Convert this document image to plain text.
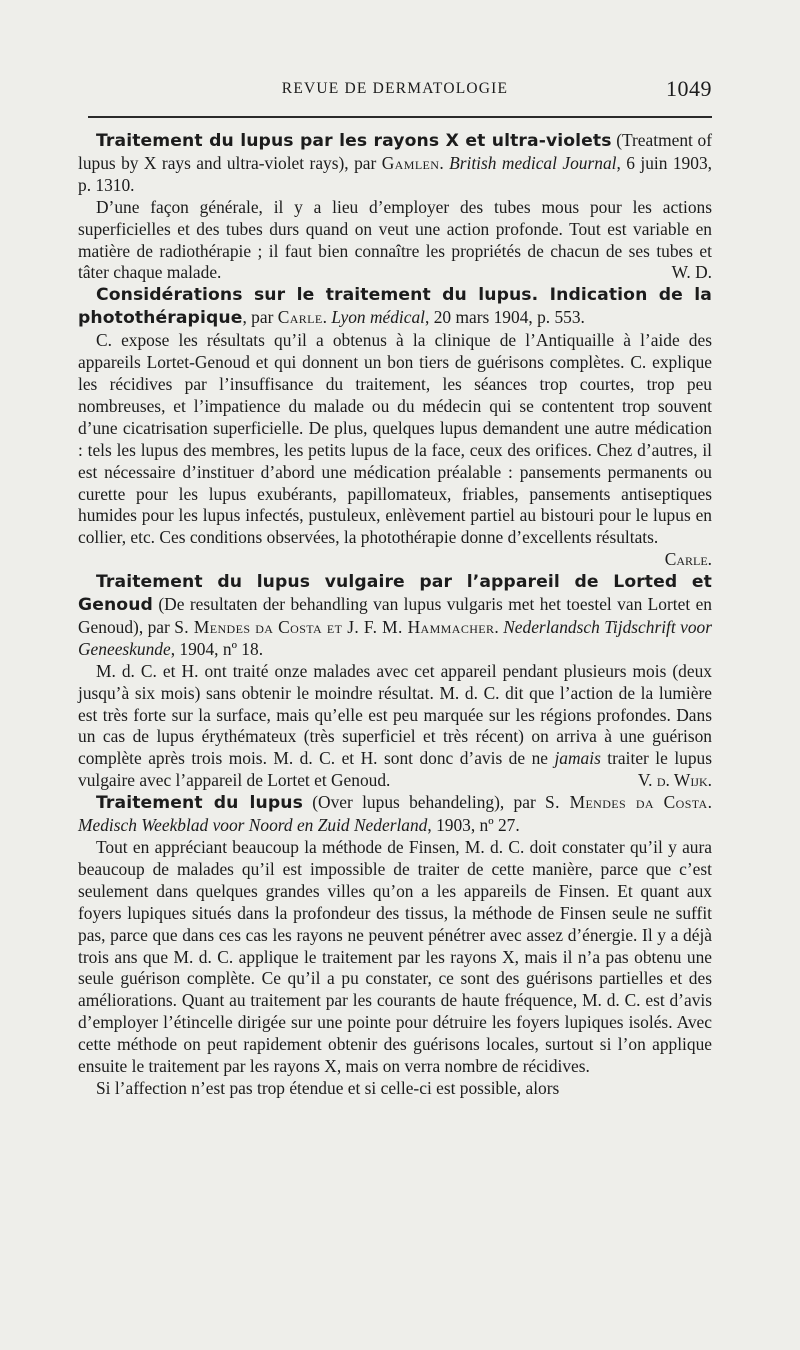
REVUE DE DERMATOLOGIE	1049

Traitement du lupus par les rayons X et ultra-violets (Treatment of lupus by X rays and ultra-violet rays), par Gamlen. British medical Journal, 6 juin 1903, p. 1310.

D’une façon générale, il y a lieu d’employer des tubes mous pour les actions superficielles et des tubes durs quand on veut une action profonde. Tout est variable en matière de radiothérapie ; il faut bien connaître les propriétés de chacun de ses tubes et tâter chaque malade.	W. D.

Considérations sur le traitement du lupus. Indication de la photothérapique, par Carle. Lyon médical, 20 mars 1904, p. 553.

C. expose les résultats qu’il a obtenus à la clinique de l’Antiquaille à l’aide des appareils Lortet-Genoud et qui donnent un bon tiers de guérisons complètes. C. explique les récidives par l’insuffisance du traitement, les séances trop courtes, trop peu nombreuses, et l’impatience du malade ou du médecin qui se contentent trop souvent d’une cicatrisation superficielle. De plus, quelques lupus demandent une autre médication : tels les lupus des membres, les petits lupus de la face, ceux des orifices. Chez d’autres, il est nécessaire d’instituer d’abord une médication préalable : pansements permanents ou curette pour les lupus exubérants, papillomateux, friables, pansements antiseptiques humides pour les lupus infectés, pustuleux, enlèvement partiel au bistouri pour le lupus en collier, etc. Ces conditions observées, la photothérapie donne d’excellents résultats.
Carle.

Traitement du lupus vulgaire par l’appareil de Lorted et Genoud (De resultaten der behandling van lupus vulgaris met het toestel van Lortet en Genoud), par S. Mendes da Costa et J. F. M. Hammacher. Nederlandsch Tijdschrift voor Geneeskunde, 1904, nº 18.

M. d. C. et H. ont traité onze malades avec cet appareil pendant plusieurs mois (deux jusqu’à six mois) sans obtenir le moindre résultat. M. d. C. dit que l’action de la lumière est très forte sur la surface, mais qu’elle est peu marquée sur les régions profondes. Dans un cas de lupus érythémateux (très superficiel et très récent) on arriva à une guérison complète après trois mois. M. d. C. et H. sont donc d’avis de ne jamais traiter le lupus vulgaire avec l’appareil de Lortet et Genoud.	V. d. Wijk.

Traitement du lupus (Over lupus behandeling), par S. Mendes da Costa. Medisch Weekblad voor Noord en Zuid Nederland, 1903, nº 27.

Tout en appréciant beaucoup la méthode de Finsen, M. d. C. doit constater qu’il y aura beaucoup de malades qu’il est impossible de traiter de cette manière, parce que c’est seulement dans quelques grandes villes qu’on a les appareils de Finsen. Et quant aux foyers lupiques situés dans la profondeur des tissus, la méthode de Finsen seule ne suffit pas, parce que dans ces cas les rayons ne peuvent pénétrer avec assez d’énergie. Il y a déjà trois ans que M. d. C. applique le traitement par les rayons X, mais il n’a pas obtenu une seule guérison complète. Ce qu’il a pu constater, ce sont des guérisons partielles et des améliorations. Quant au traitement par les courants de haute fréquence, M. d. C. est d’avis d’employer l’étincelle dirigée sur une pointe pour détruire les foyers lupiques isolés. Avec cette méthode on peut rapidement obtenir des guérisons locales, surtout si l’on applique ensuite le traitement par les rayons X, mais on verra nombre de récidives.

Si l’affection n’est pas trop étendue et si celle-ci est possible, alors
